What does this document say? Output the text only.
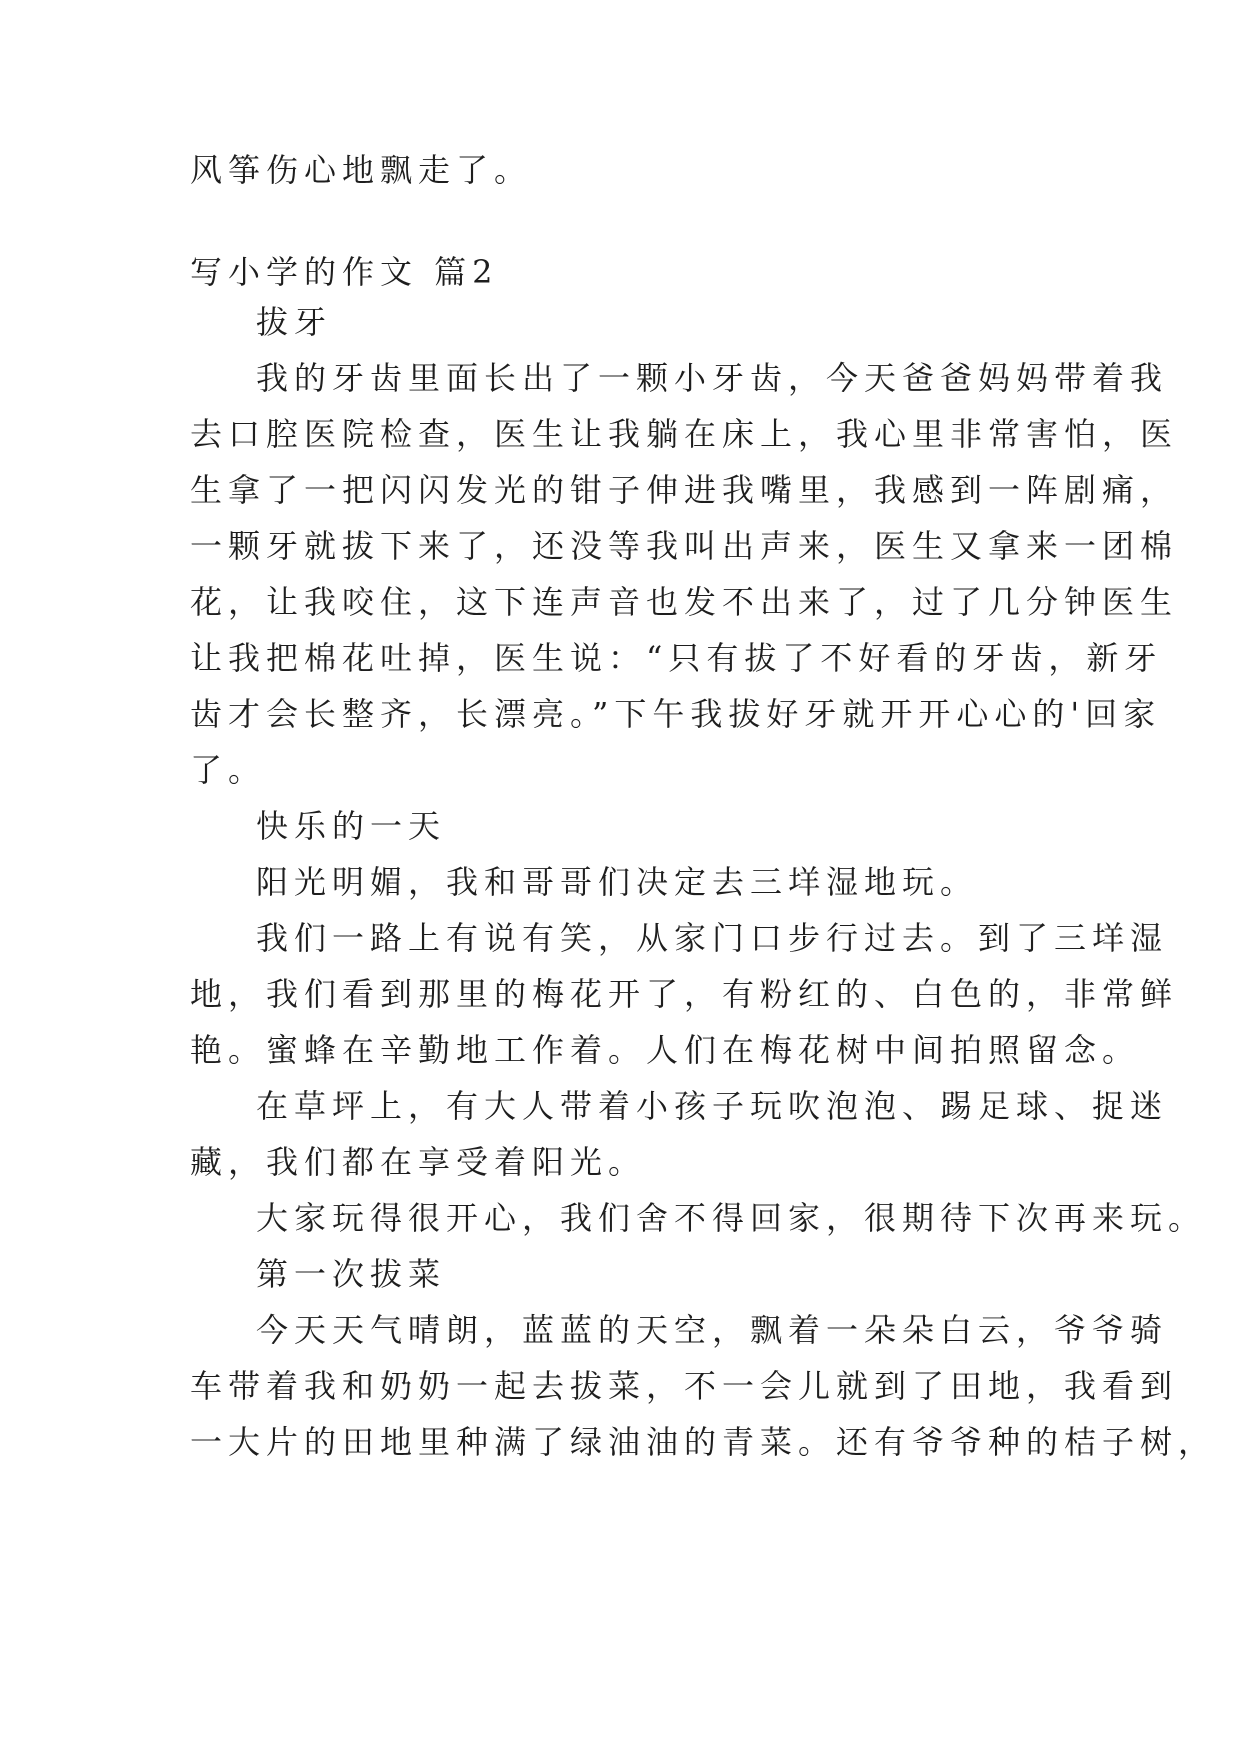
风筝伤心地飘走了。
写小学的作文 篇2
拔牙
我的牙齿里面长出了一颗小牙齿，今天爸爸妈妈带着我
去口腔医院检查，医生让我躺在床上，我心里非常害怕，医
生拿了一把闪闪发光的钳子伸进我嘴里，我感到一阵剧痛，
一颗牙就拔下来了，还没等我叫出声来，医生又拿来一团棉
花，让我咬住，这下连声音也发不出来了，过了几分钟医生
让我把棉花吐掉，医生说：“只有拔了不好看的牙齿，新牙
齿才会长整齐，长漂亮。”下午我拔好牙就开开心心的'回家
了。
快乐的一天
阳光明媚，我和哥哥们决定去三垟湿地玩。
我们一路上有说有笑，从家门口步行过去。到了三垟湿
地，我们看到那里的梅花开了，有粉红的、白色的，非常鲜
艳。蜜蜂在辛勤地工作着。人们在梅花树中间拍照留念。
在草坪上，有大人带着小孩子玩吹泡泡、踢足球、捉迷
藏，我们都在享受着阳光。
大家玩得很开心，我们舍不得回家，很期待下次再来玩。
第一次拔菜
今天天气晴朗，蓝蓝的天空，飘着一朵朵白云，爷爷骑
车带着我和奶奶一起去拔菜，不一会儿就到了田地，我看到
一大片的田地里种满了绿油油的青菜。还有爷爷种的桔子树，
